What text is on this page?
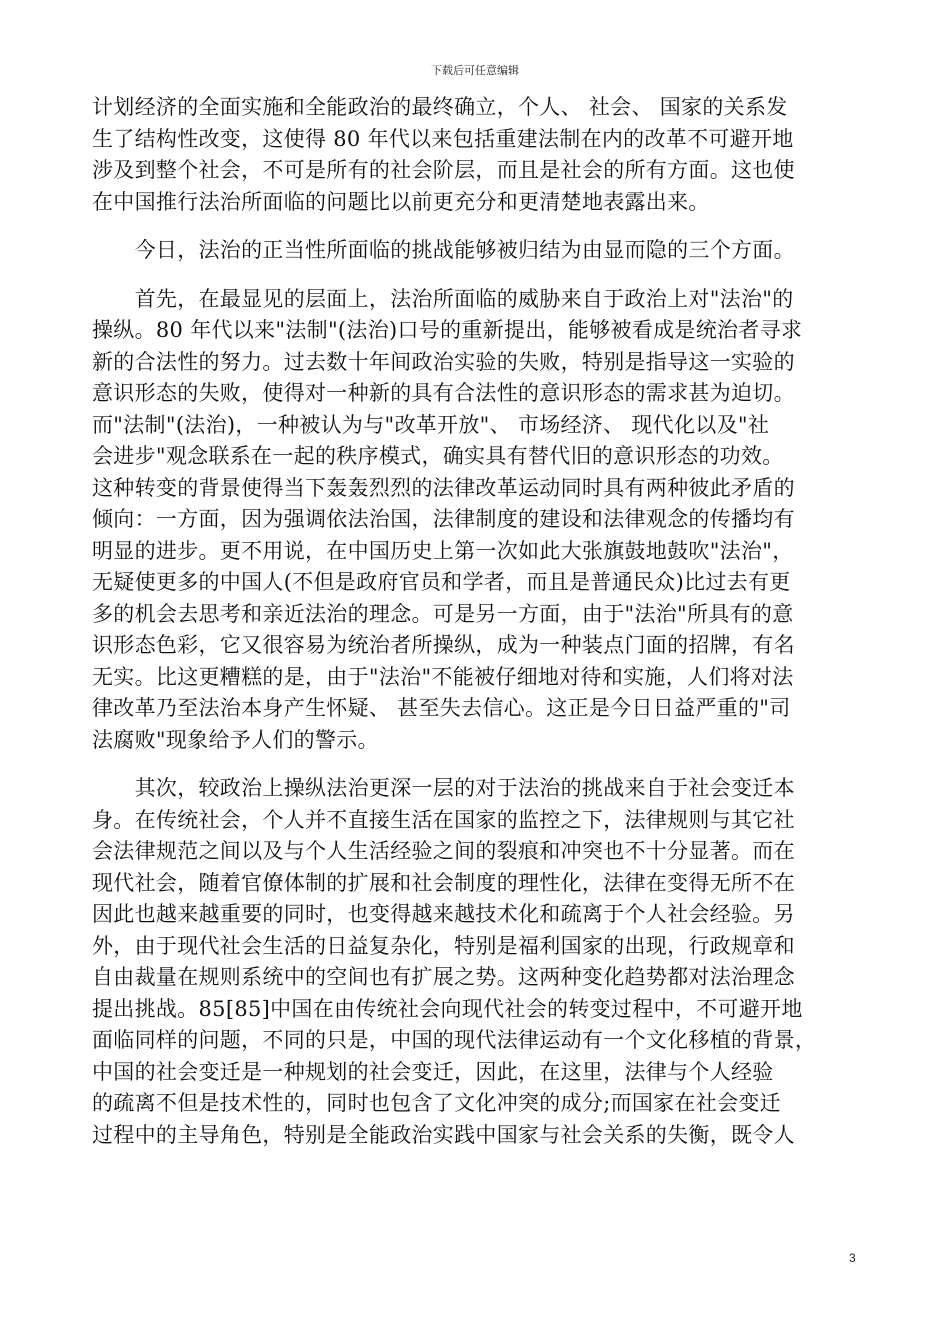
下载后可任意编辑
计划经济的全面实施和全能政治的最终确立，个人、 社会、 国家的关系发
生了结构性改变，这使得 80 年代以来包括重建法制在内的改革不可避开地
涉及到整个社会，不可是所有的社会阶层，而且是社会的所有方面。这也使
在中国推行法治所面临的问题比以前更充分和更清楚地表露出来。
　　今日，法治的正当性所面临的挑战能够被归结为由显而隐的三个方面。
　　首先，在最显见的层面上，法治所面临的威胁来自于政治上对"法治"的
操纵。80 年代以来"法制"(法治)口号的重新提出，能够被看成是统治者寻求
新的合法性的努力。过去数十年间政治实验的失败，特别是指导这一实验的
意识形态的失败，使得对一种新的具有合法性的意识形态的需求甚为迫切。
而"法制"(法治)，一种被认为与"改革开放"、 市场经济、 现代化以及"社
会进步"观念联系在一起的秩序模式，确实具有替代旧的意识形态的功效。
这种转变的背景使得当下轰轰烈烈的法律改革运动同时具有两种彼此矛盾的
倾向：一方面，因为强调依法治国，法律制度的建设和法律观念的传播均有
明显的进步。更不用说，在中国历史上第一次如此大张旗鼓地鼓吹"法治"，
无疑使更多的中国人(不但是政府官员和学者，而且是普通民众)比过去有更
多的机会去思考和亲近法治的理念。可是另一方面，由于"法治"所具有的意
识形态色彩，它又很容易为统治者所操纵，成为一种装点门面的招牌，有名
无实。比这更糟糕的是，由于"法治"不能被仔细地对待和实施，人们将对法
律改革乃至法治本身产生怀疑、 甚至失去信心。这正是今日日益严重的"司
法腐败"现象给予人们的警示。
　　其次，较政治上操纵法治更深一层的对于法治的挑战来自于社会变迁本
身。在传统社会，个人并不直接生活在国家的监控之下，法律规则与其它社
会法律规范之间以及与个人生活经验之间的裂痕和冲突也不十分显著。而在
现代社会，随着官僚体制的扩展和社会制度的理性化，法律在变得无所不在
因此也越来越重要的同时，也变得越来越技术化和疏离于个人社会经验。另
外，由于现代社会生活的日益复杂化，特别是福利国家的出现，行政规章和
自由裁量在规则系统中的空间也有扩展之势。这两种变化趋势都对法治理念
提出挑战。85[85]中国在由传统社会向现代社会的转变过程中，不可避开地
面临同样的问题，不同的只是，中国的现代法律运动有一个文化移植的背景，
中国的社会变迁是一种规划的社会变迁，因此，在这里，法律与个人经验
的疏离不但是技术性的，同时也包含了文化冲突的成分;而国家在社会变迁
过程中的主导角色，特别是全能政治实践中国家与社会关系的失衡，既令人
3
